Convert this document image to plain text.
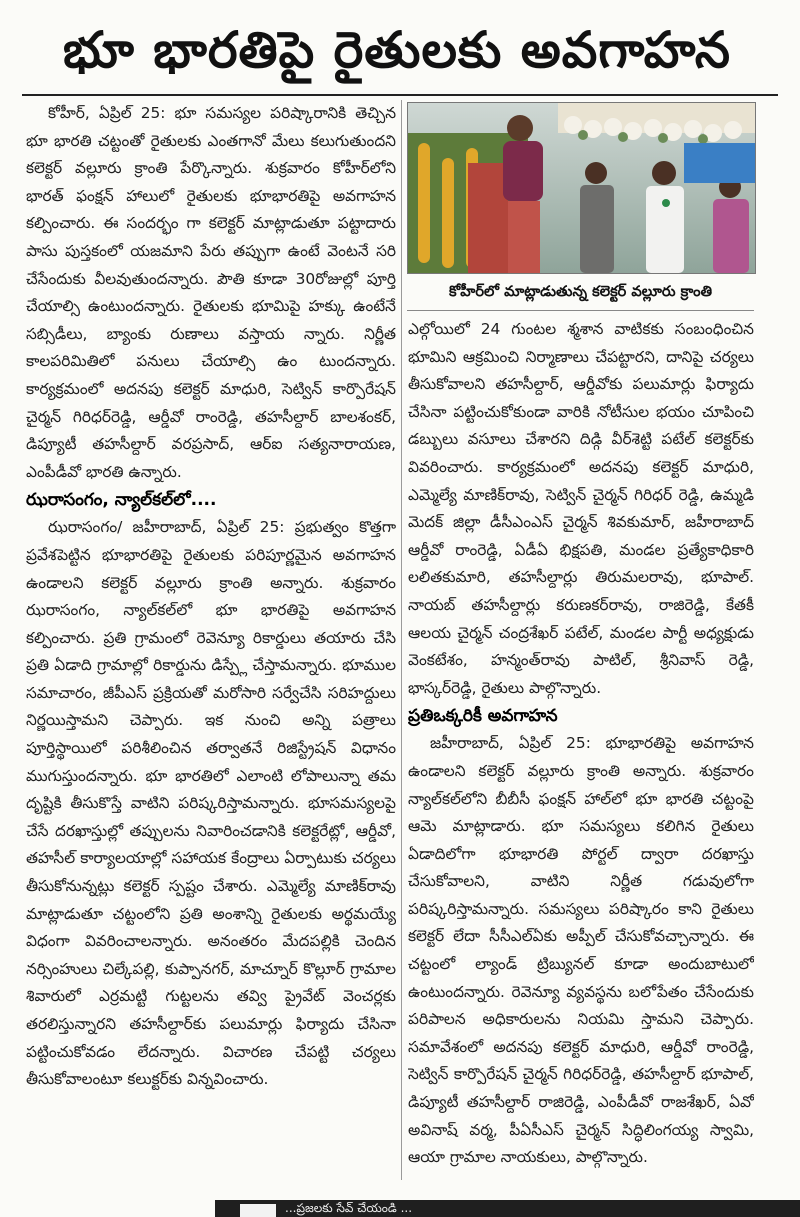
భూ భారతిపై రైతులకు అవగాహన

కోహీర్, ఏప్రిల్ 25: భూ సమస్యల పరిష్కారానికి తెచ్చిన భూ భారతి చట్టంతో రైతులకు ఎంతగానో మేలు కలుగుతుందని కలెక్టర్ వల్లూరు క్రాంతి పేర్కొన్నారు. శుక్రవారం కోహీర్‌లోని భారత్ ఫంక్షన్ హాలులో రైతులకు భూభారతిపై అవగాహన కల్పించారు. ఈ సందర్భం గా కలెక్టర్ మాట్లాడుతూ పట్టాదారు పాసు పుస్తకంలో యజమాని పేరు తప్పుగా ఉంటే వెంటనే సరి చేసేందుకు వీలవుతుందన్నారు. పౌతి కూడా 30రోజుల్లో పూర్తి చేయాల్సి ఉంటుందన్నారు. రైతులకు భూమిపై హక్కు ఉంటేనే సబ్సిడీలు, బ్యాంకు రుణాలు వస్తాయ న్నారు. నిర్ణీత కాలపరిమితిలో పనులు చేయాల్సి ఉం టుందన్నారు. కార్యక్రమంలో అదనపు కలెక్టర్ మాధురి, సెట్విన్ కార్పొరేషన్ చైర్మన్ గిరిధర్‌రెడ్డి, ఆర్డీవో రాంరెడ్డి, తహసీల్దార్ బాలశంకర్, డిప్యూటీ తహసీల్దార్ వరప్రసాద్, ఆర్ఐ సత్యనారాయణ, ఎంపీడీవో భారతి ఉన్నారు.

ఝరాసంగం, న్యాల్‌కల్‌లో....

ఝరాసంగం/ జహీరాబాద్, ఏప్రిల్ 25: ప్రభుత్వం కొత్తగా ప్రవేశపెట్టిన భూభారతిపై రైతులకు పరిపూర్ణమైన అవగాహన ఉండాలని కలెక్టర్ వల్లూరు క్రాంతి అన్నారు. శుక్రవారం ఝరాసంగం, న్యాల్‌కల్‌లో భూ భారతిపై అవగాహన కల్పించారు. ప్రతి గ్రామంలో రెవెన్యూ రికార్డులు తయారు చేసి ప్రతి ఏడాది గ్రామాల్లో రికార్డును డిస్ప్లే చేస్తామన్నారు. భూముల సమాచారం, జీపీఎస్ ప్రక్రియతో మరోసారి సర్వేచేసి సరిహద్దులు నిర్ణయిస్తామని చెప్పారు. ఇక నుంచి అన్ని పత్రాలు పూర్తిస్థాయిలో పరిశీలించిన తర్వాతనే రిజిస్ట్రేషన్ విధానం ముగుస్తుందన్నారు. భూ భారతిలో ఎలాంటి లోపాలున్నా తమ దృష్టికి తీసుకొస్తే వాటిని పరిష్కరిస్తామన్నారు. భూసమస్యలపై చేసే దరఖాస్తుల్లో తప్పులను నివారించడానికి కలెక్టరేట్లో, ఆర్డీవో, తహసీల్ కార్యాలయాల్లో సహాయక కేంద్రాలు ఏర్పాటుకు చర్యలు తీసుకోనున్నట్లు కలెక్టర్ స్పష్టం చేశారు. ఎమ్మెల్యే మాణిక్‌రావు మాట్లాడుతూ చట్టంలోని ప్రతి అంశాన్ని రైతులకు అర్థమయ్యే విధంగా వివరించాలన్నారు. అనంతరం మేదపల్లికి చెందిన నర్సింహులు చిల్కేపల్లి, కుప్పానగర్, మాచ్నూర్ కొల్లూర్ గ్రామాల శివారులో ఎర్రమట్టి గుట్టలను తవ్వి ప్రైవేట్ వెంచర్లకు తరలిస్తున్నారని తహసీల్దార్‌కు పలుమార్లు ఫిర్యాదు చేసినా పట్టించుకోవడం లేదన్నారు. విచారణ చేపట్టి చర్యలు తీసుకోవాలంటూ కలుక్టర్‌కు విన్నవించారు.

కోహీర్‌లో మాట్లాడుతున్న కలెక్టర్ వల్లూరు క్రాంతి

ఎల్గోయిలో 24 గుంటల శ్మశాన వాటికకు సంబంధించిన భూమిని ఆక్రమించి నిర్మాణాలు చేపట్టారని, దానిపై చర్యలు తీసుకోవాలని తహసీల్దార్, ఆర్డీవోకు పలుమార్లు ఫిర్యాదు చేసినా పట్టించుకోకుండా వారికి నోటీసుల భయం చూపించి డబ్బులు వసూలు చేశారని దిడ్గి వీర్‌శెట్టి పటేల్ కలెక్టర్‌కు వివరించారు. కార్యక్రమంలో అదనపు కలెక్టర్ మాధురి, ఎమ్మెల్యే మాణిక్‌రావు, సెట్విన్ చైర్మన్ గిరిధర్ రెడ్డి, ఉమ్మడి మెదక్ జిల్లా డీసీఎంఎస్ చైర్మన్ శివకుమార్, జహీరాబాద్ ఆర్డీవో రాంరెడ్డి, ఏడీఏ భిక్షపతి, మండల ప్రత్యేకాధికారి లలితకుమారి, తహసీల్దార్లు తిరుమలరావు, భూపాల్. నాయబ్ తహసీల్దార్లు కరుణకర్‌రావు, రాజిరెడ్డి, కేతకీ ఆలయ చైర్మన్ చంద్రశేఖర్ పటేల్, మండల పార్టీ అధ్యక్షుడు వెంకటేశం, హన్మంత్‌రావు పాటిల్, శ్రీనివాస్ రెడ్డి, భాస్కర్‌రెడ్డి, రైతులు పాల్గొన్నారు.

ప్రతిఒక్కరికీ అవగాహన

జహీరాబాద్, ఏప్రిల్ 25: భూభారతిపై అవగాహన ఉండాలని కలెక్టర్ వల్లూరు క్రాంతి అన్నారు. శుక్రవారం న్యాల్‌కల్‌లోని బీబీసీ ఫంక్షన్ హాల్‌లో భూ భారతి చట్టంపై ఆమె మాట్లాడారు. భూ సమస్యలు కలిగిన రైతులు ఏడాదిలోగా భూభారతి పోర్టల్ ద్వారా దరఖాస్తు చేసుకోవాలని, వాటిని నిర్ణీత గడువులోగా పరిష్కరిస్తామన్నారు. సమస్యలు పరిష్కారం కాని రైతులు కలెక్టర్ లేదా సీసీఎల్ఏకు అప్పీల్ చేసుకోవచ్చాన్నారు. ఈ చట్టంలో ల్యాండ్ ట్రిబ్యునల్ కూడా అందుబాటులో ఉంటుందన్నారు. రెవెన్యూ వ్యవస్థను బలోపేతం చేసేందుకు పరిపాలన అధికారులను నియమి స్తామని చెప్పారు. సమావేశంలో అదనపు కలెక్టర్ మాధురి, ఆర్డీవో రాంరెడ్డి, సెట్విన్ కార్పొరేషన్ చైర్మన్ గిరిధర్‌రెడ్డి, తహసీల్దార్ భూపాల్, డిప్యూటీ తహసీల్దార్ రాజిరెడ్డి, ఎంపీడీవో రాజశేఖర్, ఏవో అవినాష్ వర్మ, పీఏసీఎస్ చైర్మన్ సిద్ధిలింగయ్య స్వామి, ఆయా గ్రామాల నాయకులు, పాల్గొన్నారు.

...ప్రజలకు సేవ్ చేయండి ...
